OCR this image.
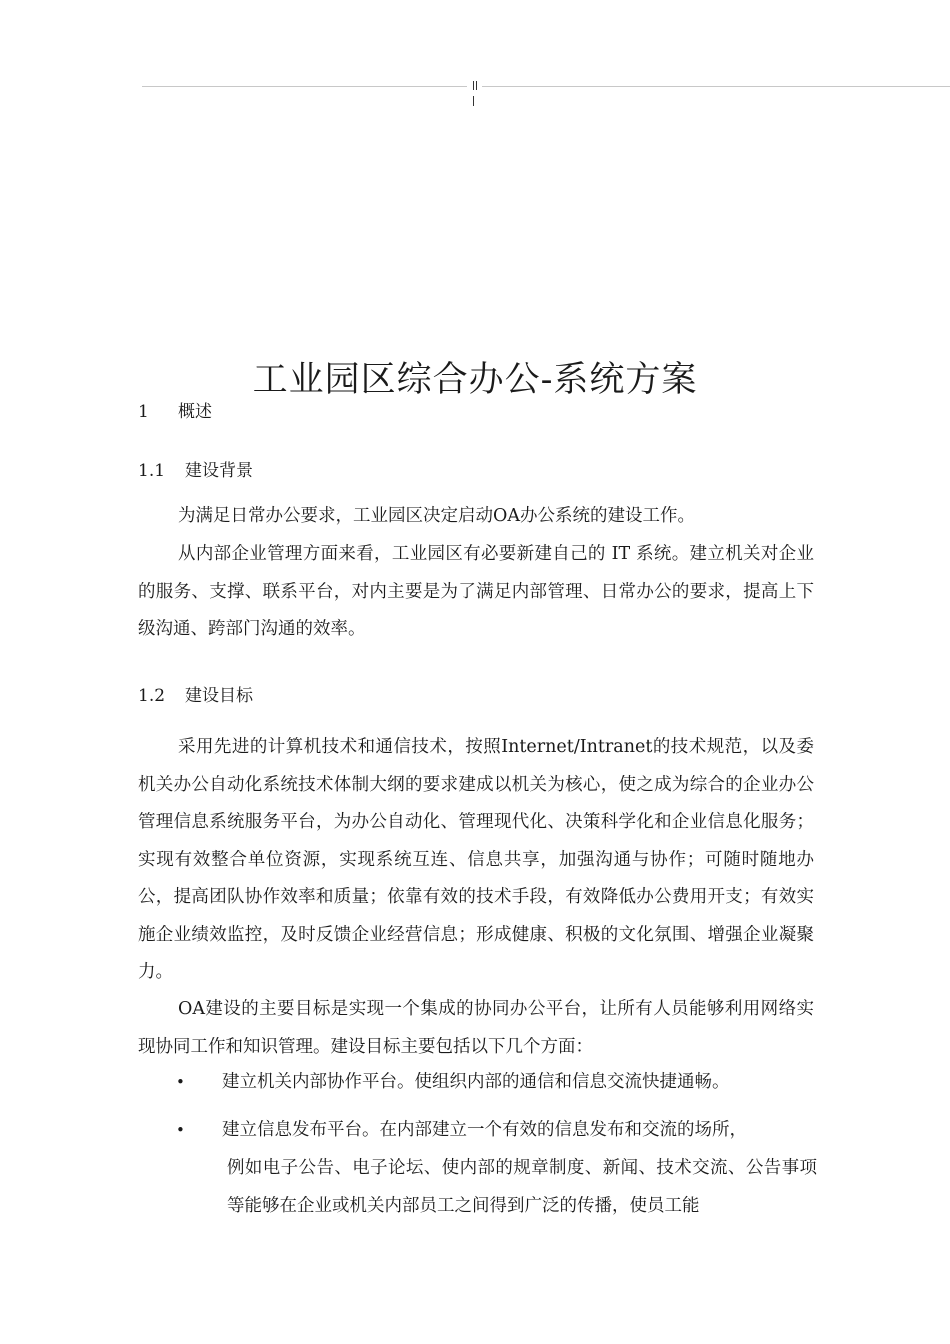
工业园区综合办公-系统方案
1 概述
1.1 建设背景

为满足日常办公要求，工业园区决定启动OA办公系统的建设工作。

从内部企业管理方面来看，工业园区有必要新建自己的 IT 系统。建立机关对企业的服务、支撑、联系平台，对内主要是为了满足内部管理、日常办公的要求，提高上下级沟通、跨部门沟通的效率。

1.2 建设目标

采用先进的计算机技术和通信技术，按照Internet/Intranet的技术规范，以及委机关办公自动化系统技术体制大纲的要求建成以机关为核心，使之成为综合的企业办公管理信息系统服务平台，为办公自动化、管理现代化、决策科学化和企业信息化服务；实现有效整合单位资源，实现系统互连、信息共享，加强沟通与协作；可随时随地办公，提高团队协作效率和质量；依靠有效的技术手段，有效降低办公费用开支；有效实施企业绩效监控，及时反馈企业经营信息；形成健康、积极的文化氛围、增强企业凝聚力。

OA建设的主要目标是实现一个集成的协同办公平台，让所有人员能够利用网络实现协同工作和知识管理。建设目标主要包括以下几个方面：

• 建立机关内部协作平台。使组织内部的通信和信息交流快捷通畅。

• 建立信息发布平台。在内部建立一个有效的信息发布和交流的场所，

例如电子公告、电子论坛、使内部的规章制度、新闻、技术交流、公告事项等能够在企业或机关内部员工之间得到广泛的传播，使员工能
